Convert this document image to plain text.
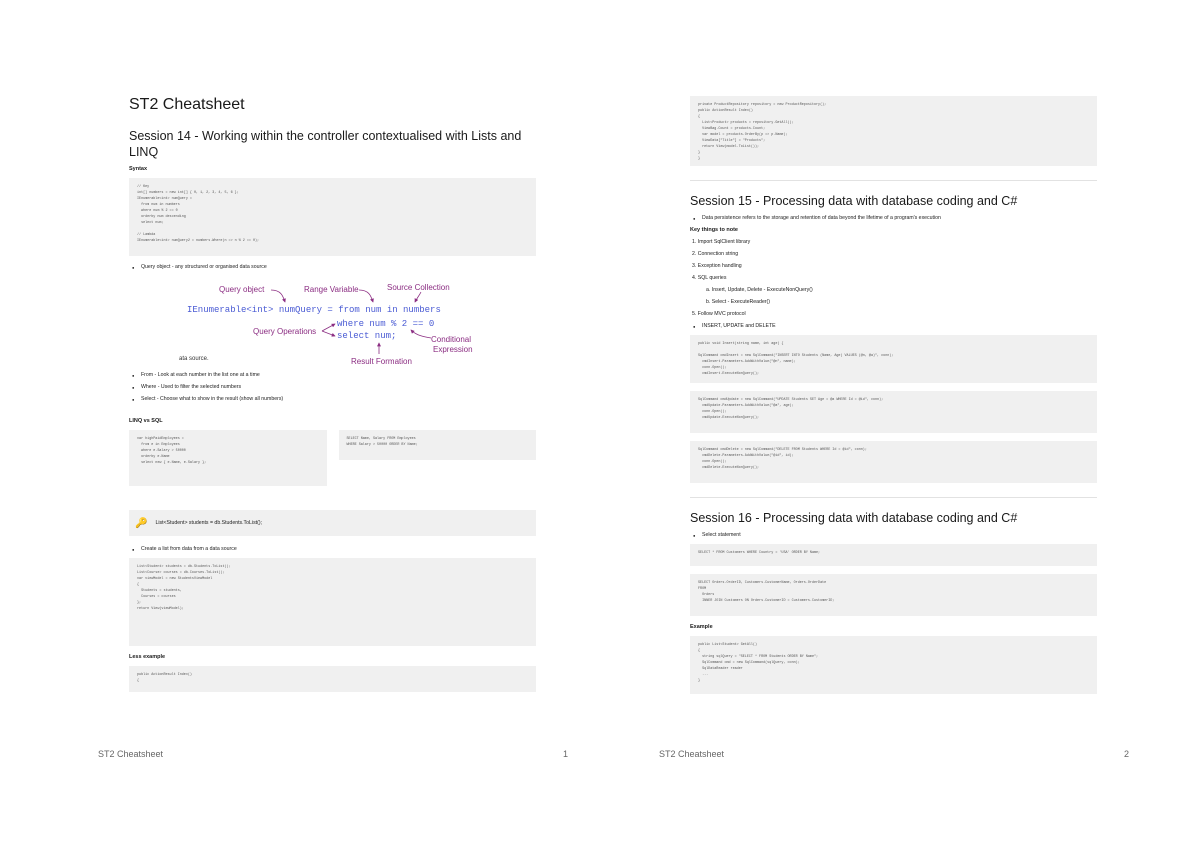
ST2 Cheatsheet
Session 14 - Working within the controller contextualised with Lists and LINQ
Syntax
// Key
int[] numbers = new int[] { 0, 1, 2, 3, 4, 5, 6 };
IEnumerable<int> numQuery =
from num in numbers
where num % 2 == 0
orderby num descending
select num;
// Lambda
IEnumerable<int> numQuery2 = numbers.Where(n => n % 2 == 0);
● Query object - any structured or organised data source
Query object	Range Variable	Source Collection
IEnumerable<int> numQuery = from num in numbers
where num % 2 == 0
select num;
Query Operations
Conditional
Expression
Result Formation
ata source.
● From - Look at each number in the list one at a time
● Where - Used to filter the selected numbers
● Select - Choose what to show in the result (show all numbers)
LINQ vs SQL
var highPaidEmployees =
from e in Employees
where e.Salary > 50000
orderby e.Name
select new { e.Name, e.Salary };
SELECT Name, Salary FROM Employees
WHERE Salary > 50000 ORDER BY Name;
🔑 List<Student> students = db.Students.ToList();
● Create a list from data from a data source
List<Student> students = db.Students.ToList();
List<Course> courses = db.Courses.ToList();
var viewModel = new StudentsViewModel
{
Students = students,
Courses = courses
};
return View(viewModel);
Less example
public ActionResult Index()
{
ST2 Cheatsheet	1
private ProductRepository repository = new ProductRepository();
public ActionResult Index()
{
List<Product> products = repository.GetAll();
ViewBag.Count = products.Count;
var model = products.OrderBy(p => p.Name);
ViewData["Title"] = "Products";
return View(model.ToList());
}
}
Session 15 - Processing data with database coding and C#
● Data persistence refers to the storage and retention of data beyond the lifetime of a program's execution
Key things to note
1. Import SqlClient library
2. Connection string
3. Exception handling
4. SQL queries
a. Insert, Update, Delete - ExecuteNonQuery()
b. Select - ExecuteReader()
5. Follow MVC protocol
● INSERT, UPDATE and DELETE
public void Insert(string name, int age) {
SqlCommand cmdInsert = new SqlCommand("INSERT INTO Students (Name, Age) VALUES (@n, @a)", conn);
cmdInsert.Parameters.AddWithValue("@n", name);
conn.Open();
cmdInsert.ExecuteNonQuery();
SqlCommand cmdUpdate = new SqlCommand("UPDATE Students SET Age = @a WHERE Id = @id", conn);
cmdUpdate.Parameters.AddWithValue("@a", age);
conn.Open();
cmdUpdate.ExecuteNonQuery();
SqlCommand cmdDelete = new SqlCommand("DELETE FROM Students WHERE Id = @id", conn);
cmdDelete.Parameters.AddWithValue("@id", id);
conn.Open();
cmdDelete.ExecuteNonQuery();
Session 16 - Processing data with database coding and C#
● Select statement
SELECT * FROM Customers WHERE Country = 'USA' ORDER BY Name;
SELECT Orders.OrderID, Customers.CustomerName, Orders.OrderDate
FROM
Orders
INNER JOIN Customers ON Orders.CustomerID = Customers.CustomerID;
Example
public List<Student> GetAll()
{
string sqlQuery = "SELECT * FROM Students ORDER BY Name";
SqlCommand cmd = new SqlCommand(sqlQuery, conn);
SqlDataReader reader
...
}
ST2 Cheatsheet	2
